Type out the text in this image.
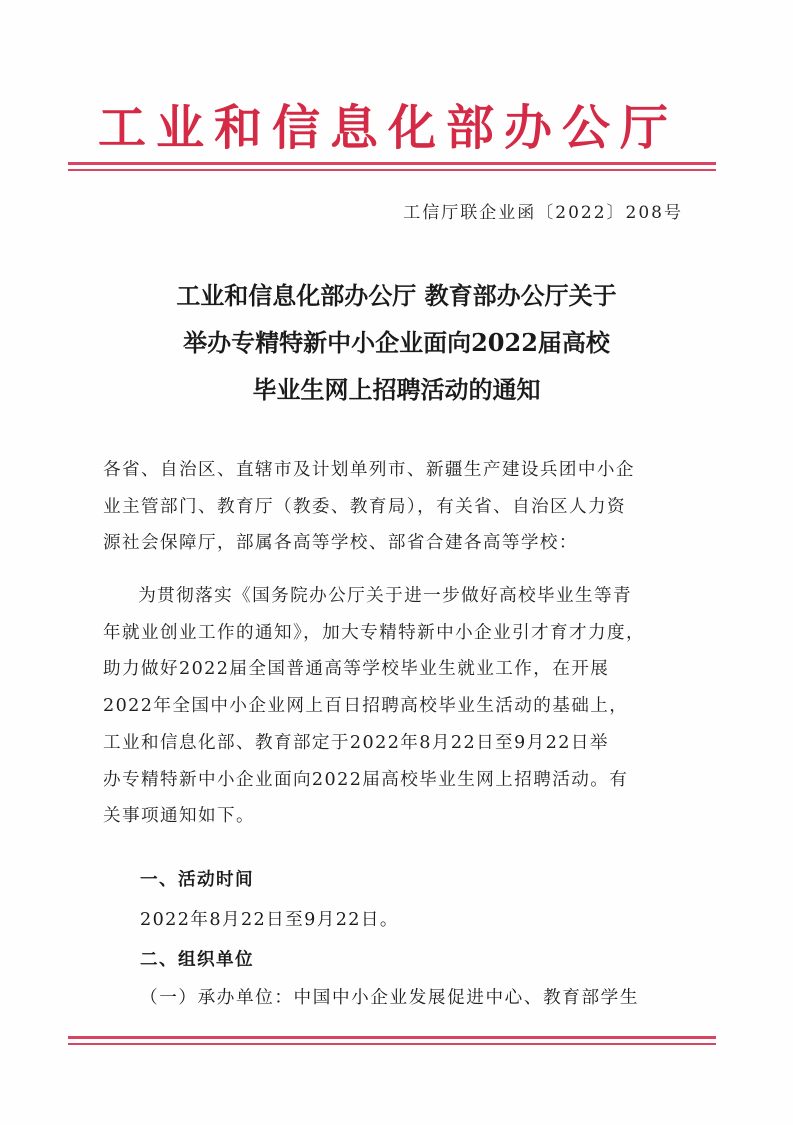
工业和信息化部办公厅
工信厅联企业函〔2022〕208号
工业和信息化部办公厅 教育部办公厅关于
举办专精特新中小企业面向2022届高校
毕业生网上招聘活动的通知
各省、自治区、直辖市及计划单列市、新疆生产建设兵团中小企
业主管部门、教育厅（教委、教育局），有关省、自治区人力资
源社会保障厅，部属各高等学校、部省合建各高等学校：
为贯彻落实《国务院办公厅关于进一步做好高校毕业生等青
年就业创业工作的通知》，加大专精特新中小企业引才育才力度，
助力做好2022届全国普通高等学校毕业生就业工作，在开展
2022年全国中小企业网上百日招聘高校毕业生活动的基础上，
工业和信息化部、教育部定于2022年8月22日至9月22日举
办专精特新中小企业面向2022届高校毕业生网上招聘活动。有
关事项通知如下。
一、活动时间
2022年8月22日至9月22日。
二、组织单位
（一）承办单位：中国中小企业发展促进中心、教育部学生
